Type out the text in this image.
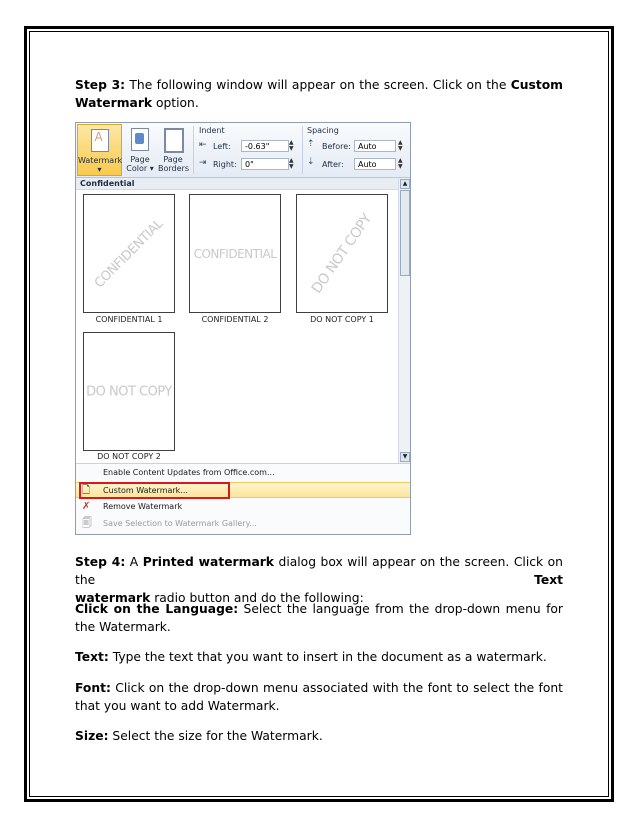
Step 3: The following window will appear on the screen. Click on the Custom
Watermark option.
A
Watermark
▾
Page
Color ▾
Page
Borders
Indent
⇤ Left:	-0.63"	▲
▼
⇥ Right:	0"	▲
▼
Spacing
⇡ Before: Auto	▲
▼
⇣ After:	Auto	▲
▼
Confidential
CONFIDENTIAL
CONFIDENTIAL 1
CONFIDENTIAL
CONFIDENTIAL 2
DO NOT COPY
DO NOT COPY 1
DO NOT COPY
DO NOT COPY 2
▲
▼
Enable Content Updates from Office.com...
🗋 Custom Watermark...
✗ Remove Watermark
🗐 Save Selection to Watermark Gallery...
Step 4: A Printed watermark dialog box will appear on the screen. Click on the Text
watermark radio button and do the following:
Click on the Language: Select the language from the drop-down menu for the Watermark.
Text: Type the text that you want to insert in the document as a watermark.
Font: Click on the drop-down menu associated with the font to select the font that you want to add Watermark.
Size: Select the size for the Watermark.
